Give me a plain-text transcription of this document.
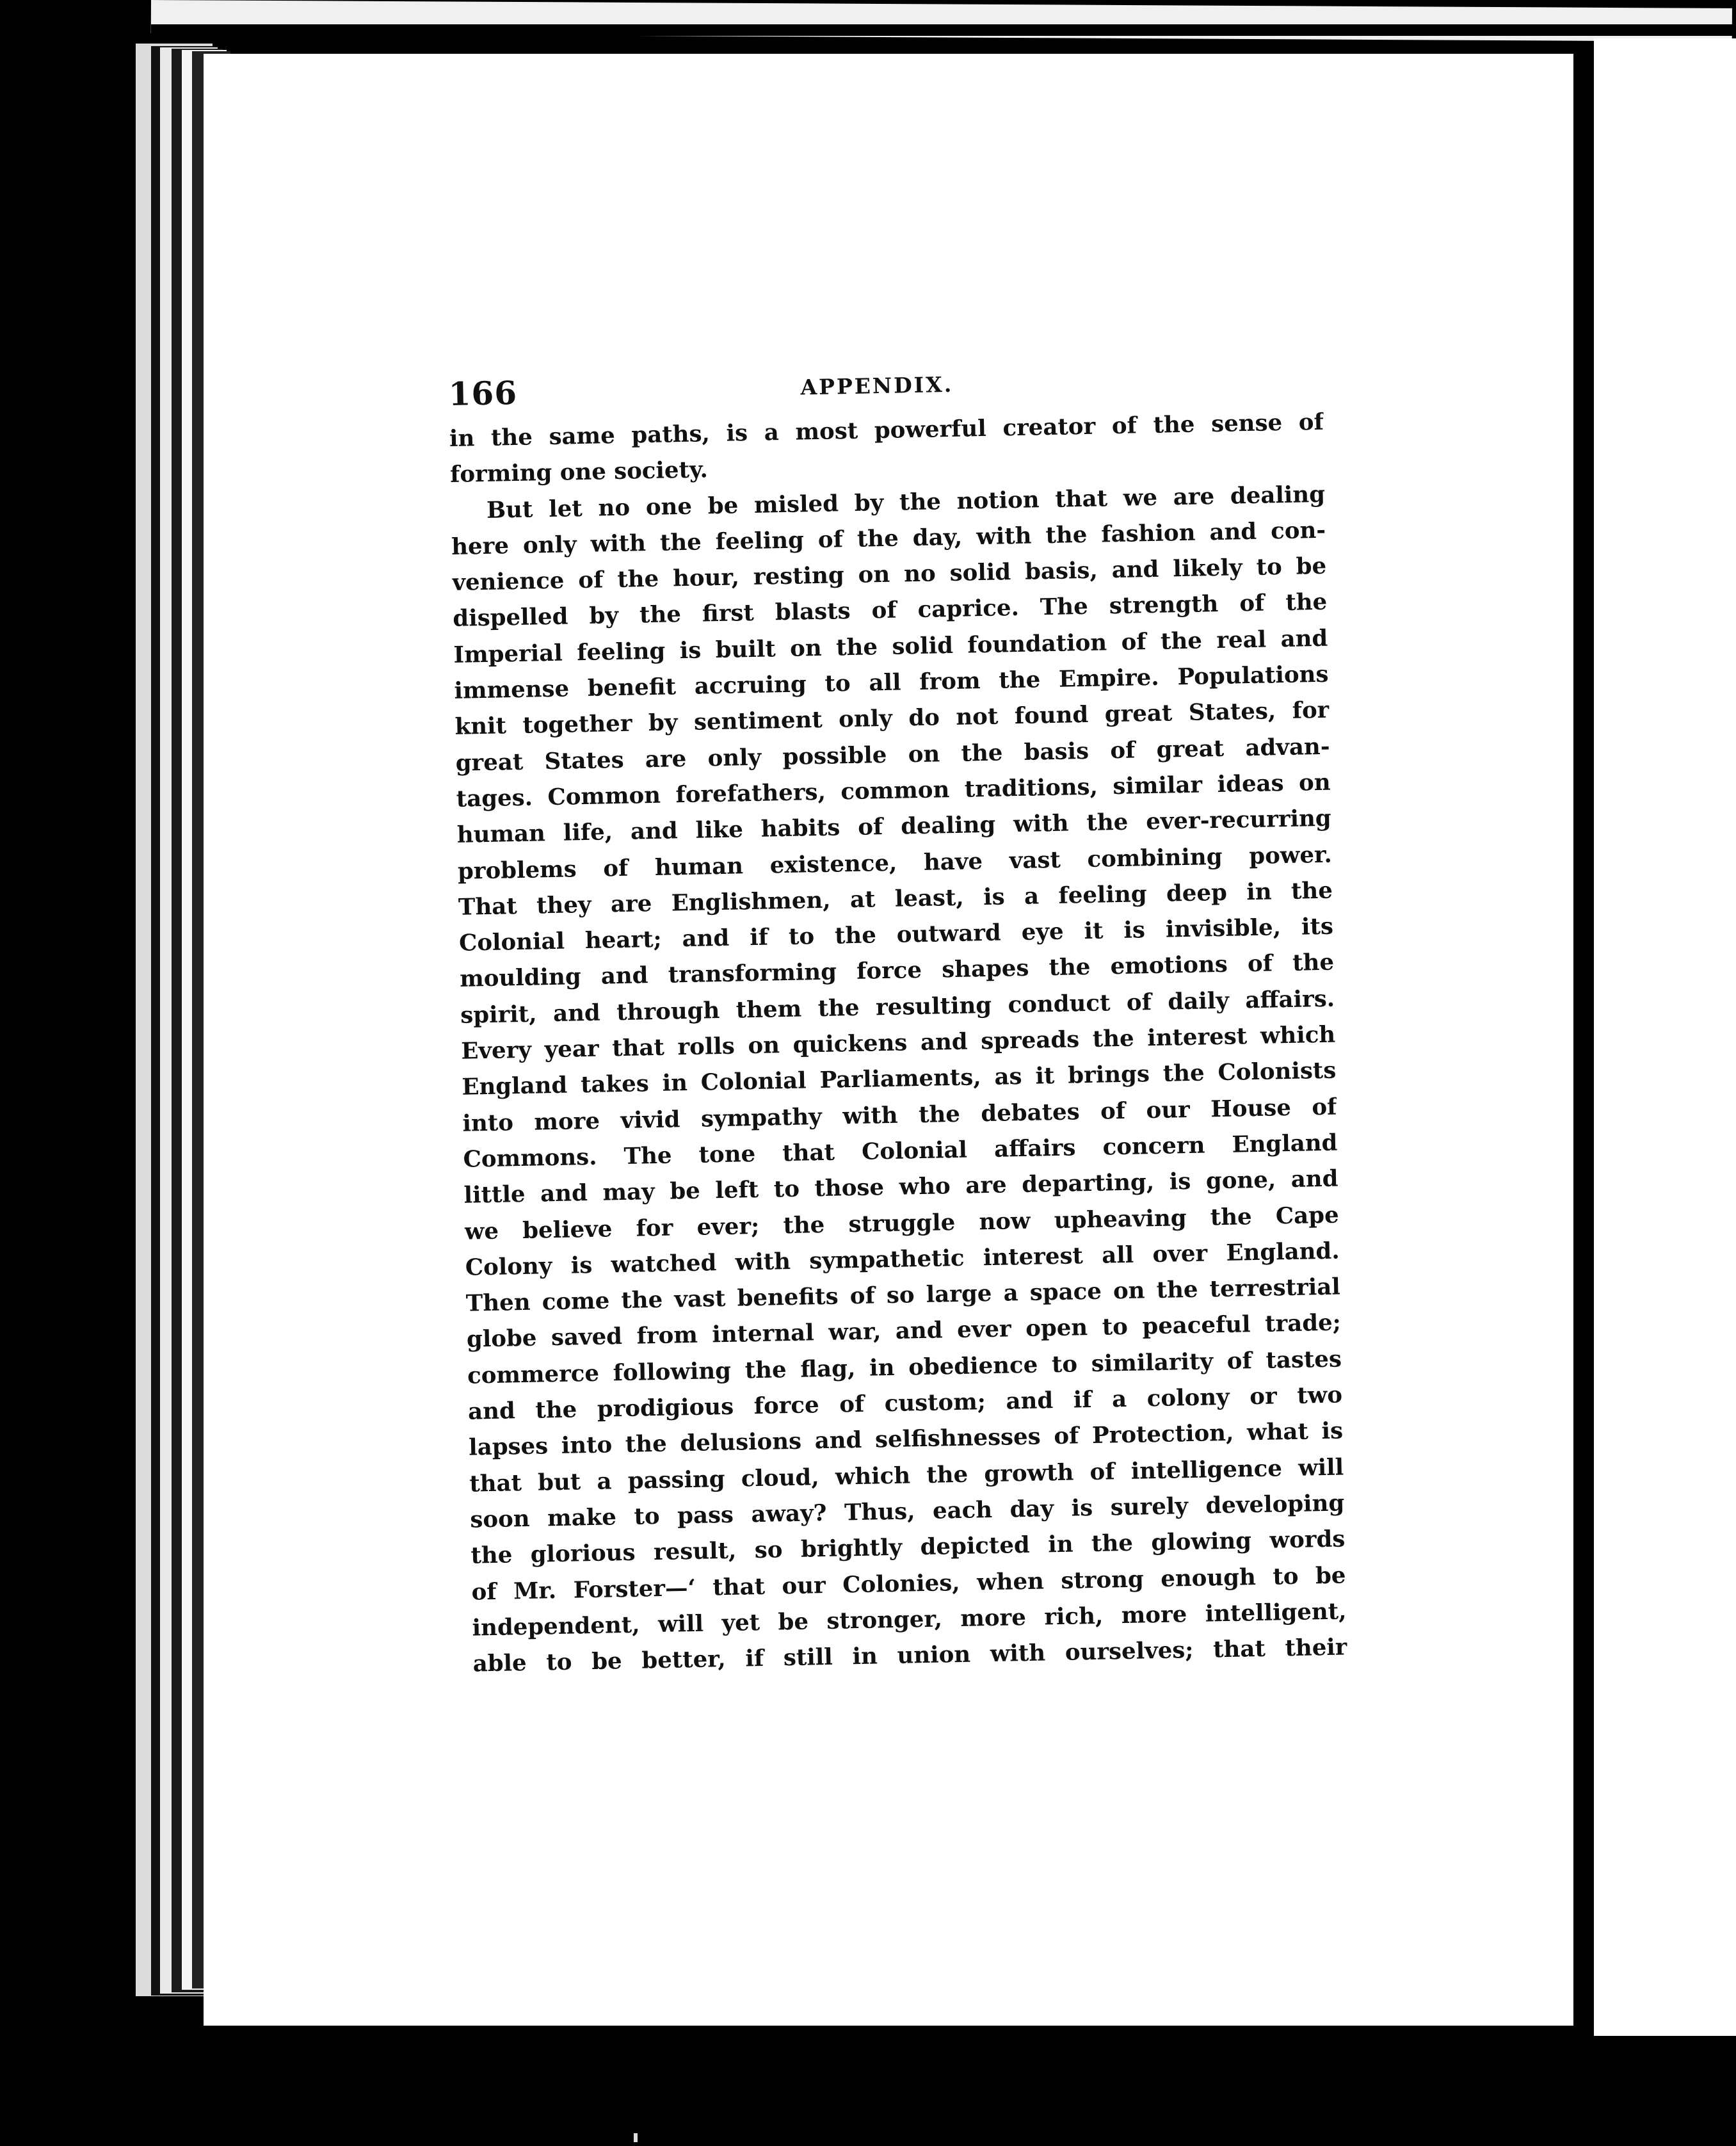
166	APPENDIX.
in the same paths, is a most powerful creator of the sense of
forming one society.
But let no one be misled by the notion that we are dealing
here only with the feeling of the day, with the fashion and con-
venience of the hour, resting on no solid basis, and likely to be
dispelled by the first blasts of caprice. The strength of the
Imperial feeling is built on the solid foundation of the real and
immense benefit accruing to all from the Empire. Populations
knit together by sentiment only do not found great States, for
great States are only possible on the basis of great advan-
tages. Common forefathers, common traditions, similar ideas on
human life, and like habits of dealing with the ever-recurring
problems of human existence, have vast combining power.
That they are Englishmen, at least, is a feeling deep in the
Colonial heart; and if to the outward eye it is invisible, its
moulding and transforming force shapes the emotions of the
spirit, and through them the resulting conduct of daily affairs.
Every year that rolls on quickens and spreads the interest which
England takes in Colonial Parliaments, as it brings the Colonists
into more vivid sympathy with the debates of our House of
Commons. The tone that Colonial affairs concern England
little and may be left to those who are departing, is gone, and
we believe for ever; the struggle now upheaving the Cape
Colony is watched with sympathetic interest all over England.
Then come the vast benefits of so large a space on the terrestrial
globe saved from internal war, and ever open to peaceful trade;
commerce following the flag, in obedience to similarity of tastes
and the prodigious force of custom; and if a colony or two
lapses into the delusions and selfishnesses of Protection, what is
that but a passing cloud, which the growth of intelligence will
soon make to pass away? Thus, each day is surely developing
the glorious result, so brightly depicted in the glowing words
of Mr. Forster—‘ that our Colonies, when strong enough to be
independent, will yet be stronger, more rich, more intelligent,
able to be better, if still in union with ourselves; that their
